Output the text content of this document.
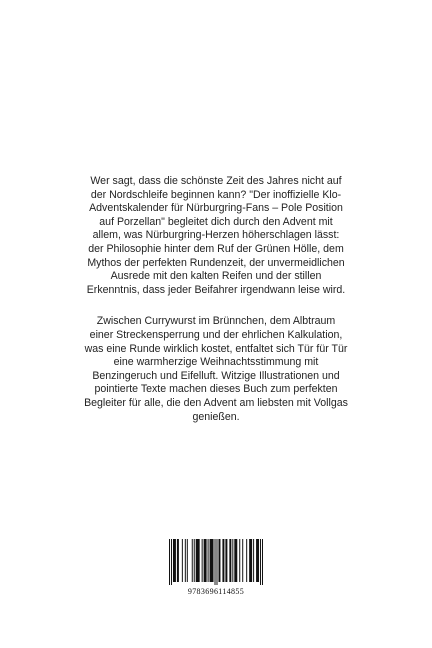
Wer sagt, dass die schönste Zeit des Jahres nicht auf der Nordschleife beginnen kann? "Der inoffizielle Klo-Adventskalender für Nürburgring-Fans – Pole Position auf Porzellan" begleitet dich durch den Advent mit allem, was Nürburgring-Herzen höherschlagen lässt: der Philosophie hinter dem Ruf der Grünen Hölle, dem Mythos der perfekten Rundenzeit, der unvermeidlichen Ausrede mit den kalten Reifen und der stillen Erkenntnis, dass jeder Beifahrer irgendwann leise wird.

Zwischen Currywurst im Brünnchen, dem Albtraum einer Streckensperrung und der ehrlichen Kalkulation, was eine Runde wirklich kostet, entfaltet sich Tür für Tür eine warmherzige Weihnachtsstimmung mit Benzingeruch und Eifelluft. Witzige Illustrationen und pointierte Texte machen dieses Buch zum perfekten Begleiter für alle, die den Advent am liebsten mit Vollgas genießen.

9783696114855
